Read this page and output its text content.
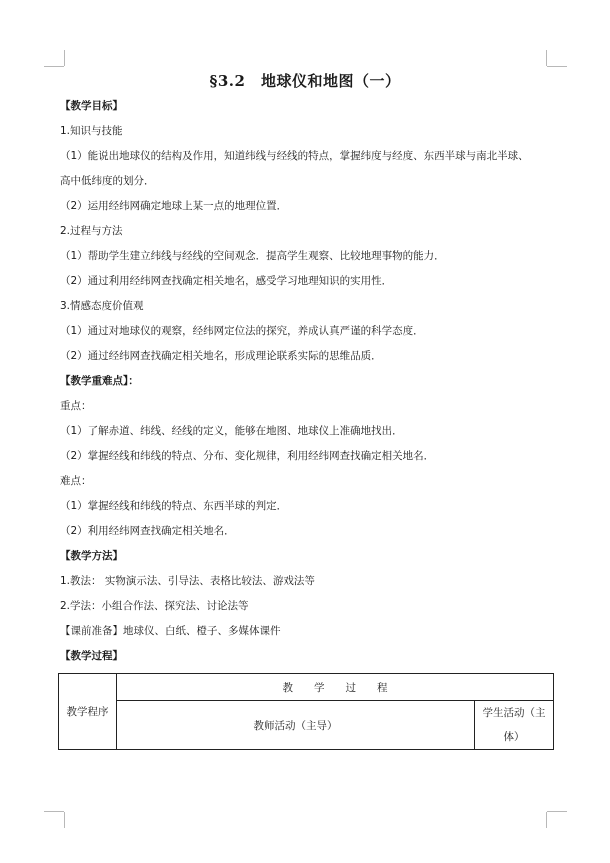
§3.2　地球仪和地图（一）
【教学目标】
1.知识与技能
（1）能说出地球仪的结构及作用，知道纬线与经线的特点，掌握纬度与经度、东西半球与南北半球、
高中低纬度的划分．
（2）运用经纬网确定地球上某一点的地理位置．
2.过程与方法
（1）帮助学生建立纬线与经线的空间观念．提高学生观察、比较地理事物的能力．
（2）通过利用经纬网查找确定相关地名，感受学习地理知识的实用性．
3.情感态度价值观
（1）通过对地球仪的观察，经纬网定位法的探究，养成认真严谨的科学态度．
（2）通过经纬网查找确定相关地名，形成理论联系实际的思维品质．
【教学重难点】：
重点：
（1）了解赤道、纬线、经线的定义，能够在地图、地球仪上准确地找出．
（2）掌握经线和纬线的特点、分布、变化规律，利用经纬网查找确定相关地名．
难点：
（1）掌握经线和纬线的特点、东西半球的判定．
（2）利用经纬网查找确定相关地名．
【教学方法】
1.教法： 实物演示法、引导法、表格比较法、游戏法等
2.学法：小组合作法、探究法、讨论法等
【课前准备】地球仪、白纸、橙子、多媒体课件
【教学过程】
教学程序	教　　学　　过　　程	
	教师活动（主导）	学生活动（主体）
